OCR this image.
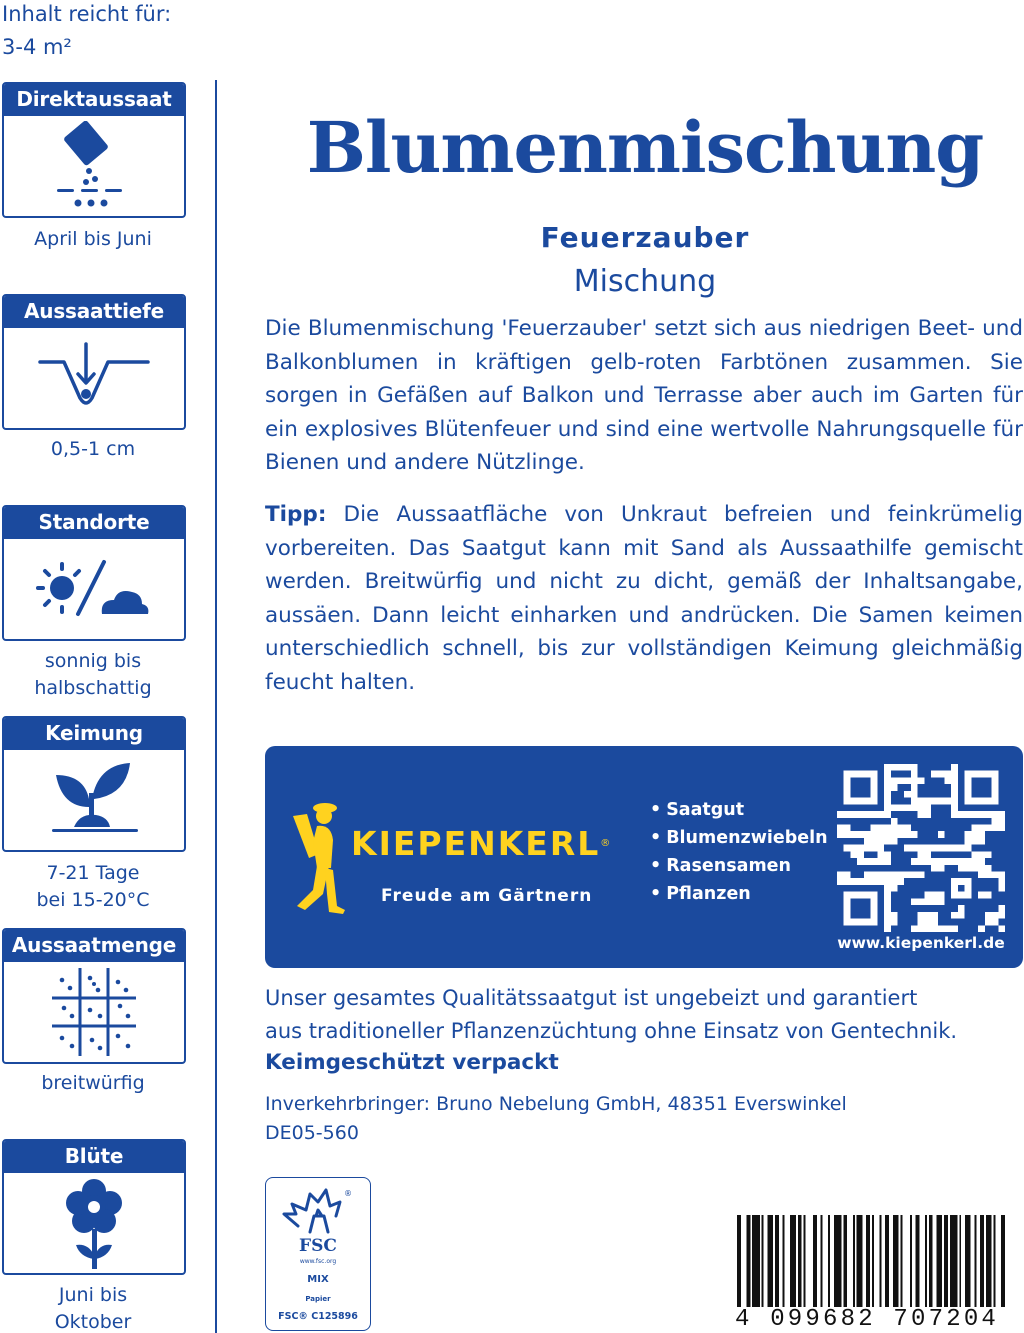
Inhalt reicht für:
3-4 m²
Direktaussaat
April bis Juni
Aussaattiefe
0,5-1 cm
Standorte
sonnig bis
halbschattig
Keimung
7-21 Tage
bei 15-20°C
Aussaatmenge
breitwürfig
Blüte
Juni bis
Oktober
Blumenmischung
Feuerzauber
Mischung

Die Blumenmischung 'Feuerzauber' setzt sich aus niedrigen Beet- und Balkonblumen in kräftigen gelb-roten Farbtönen zusammen. Sie sorgen in Gefäßen auf Balkon und Terrasse aber auch im Garten für ein explosives Blütenfeuer und sind eine wertvolle Nahrungsquelle für Bienen und andere Nützlinge.

Tipp: Die Aussaatfläche von Unkraut befreien und feinkrümelig vorbereiten. Das Saatgut kann mit Sand als Aussaathilfe gemischt werden. Breitwürfig und nicht zu dicht, gemäß der Inhaltsangabe, aussäen. Dann leicht einharken und andrücken. Die Samen keimen unterschiedlich schnell, bis zur vollständigen Keimung gleichmäßig feucht halten.

KIEPENKERL®
Freude am Gärtnern
• Saatgut
• Blumenzwiebeln
• Rasensamen
• Pflanzen
www.kiepenkerl.de
Unser gesamtes Qualitätssaatgut ist ungebeizt und garantiert
aus traditioneller Pflanzenzüchtung ohne Einsatz von Gentechnik.
Keimgeschützt verpackt
Inverkehrbringer: Bruno Nebelung GmbH, 48351 Everswinkel
DE05-560
®
FSC
www.fsc.org
MIX
Papier
FSC® C125896	4 099682 707204
